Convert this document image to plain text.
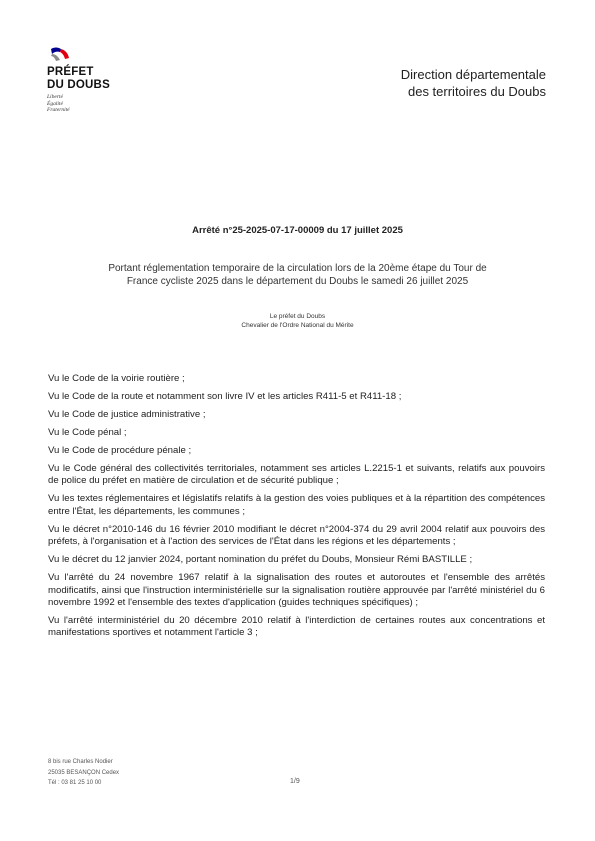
PRÉFET
DU DOUBS
Liberté
Égalité
Fraternité
Direction départementale
des territoires du Doubs
Arrêté n°25-2025-07-17-00009 du 17 juillet 2025
Portant réglementation temporaire de la circulation lors de la 20ème étape du Tour de
France cycliste 2025 dans le département du Doubs le samedi 26 juillet 2025
Le préfet du Doubs
Chevalier de l'Ordre National du Mérite

Vu le Code de la voirie routière ;

Vu le Code de la route et notamment son livre IV et les articles R411-5 et R411-18 ;

Vu le Code de justice administrative ;

Vu le Code pénal ;

Vu le Code de procédure pénale ;

Vu le Code général des collectivités territoriales, notamment ses articles L.2215-1 et suivants, relatifs aux pouvoirs de police du préfet en matière de circulation et de sécurité publique ;

Vu les textes réglementaires et législatifs relatifs à la gestion des voies publiques et à la répartition des compétences entre l'État, les départements, les communes ;

Vu le décret n°2010-146 du 16 février 2010 modifiant le décret n°2004-374 du 29 avril 2004 relatif aux pouvoirs des préfets, à l'organisation et à l'action des services de l'État dans les régions et les départements ;

Vu le décret du 12 janvier 2024, portant nomination du préfet du Doubs, Monsieur Rémi BASTILLE ;

Vu l'arrêté du 24 novembre 1967 relatif à la signalisation des routes et autoroutes et l'ensemble des arrêtés modificatifs, ainsi que l'instruction interministérielle sur la signalisation routière approuvée par l'arrêté ministériel du 6 novembre 1992 et l'ensemble des textes d'application (guides techniques spécifiques) ;

Vu l'arrêté interministériel du 20 décembre 2010 relatif à l'interdiction de certaines routes aux concentrations et manifestations sportives et notamment l'article 3 ;

8 bis rue Charles Nodier
25035 BESANÇON Cedex
Tél : 03 81 25 10 00	1/9
